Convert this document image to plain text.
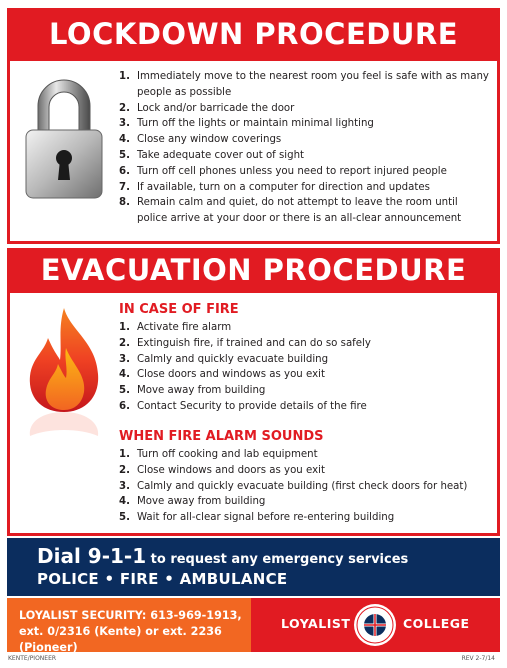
LOCKDOWN PROCEDURE
1. Immediately move to the nearest room you feel is safe with as many people as possible
2. Lock and/or barricade the door
3. Turn off the lights or maintain minimal lighting
4. Close any window coverings
5. Take adequate cover out of sight
6. Turn off cell phones unless you need to report injured people
7. If available, turn on a computer for direction and updates
8. Remain calm and quiet, do not attempt to leave the room until police arrive at your door or there is an all-clear announcement
EVACUATION PROCEDURE
IN CASE OF FIRE
1. Activate fire alarm
2. Extinguish fire, if trained and can do so safely
3. Calmly and quickly evacuate building
4. Close doors and windows as you exit
5. Move away from building
6. Contact Security to provide details of the fire
WHEN FIRE ALARM SOUNDS
1. Turn off cooking and lab equipment
2. Close windows and doors as you exit
3. Calmly and quickly evacuate building (first check doors for heat)
4. Move away from building
5. Wait for all-clear signal before re-entering building
Dial 9-1-1 to request any emergency services
POLICE • FIRE • AMBULANCE
LOYALIST SECURITY: 613-969-1913,
ext. 0/2316 (Kente) or ext. 2236 (Pioneer)
LOYALIST	COLLEGE
KENTE/PIONEER	REV 2-7/14
